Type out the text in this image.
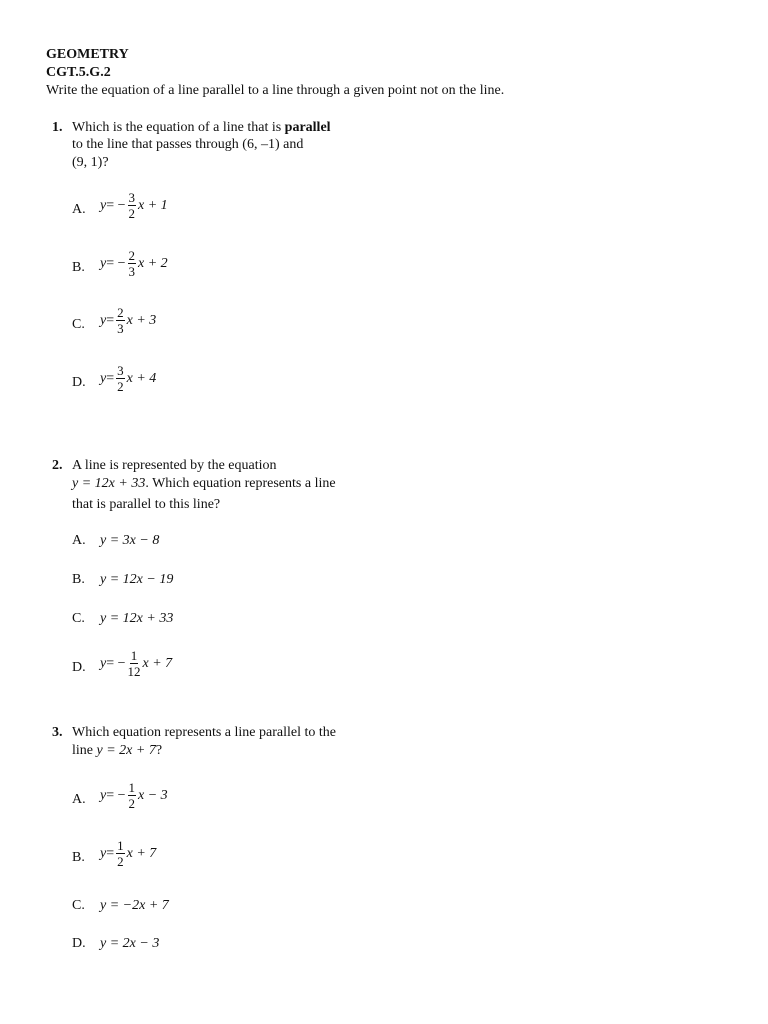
GEOMETRY
CGT.5.G.2
Write the equation of a line parallel to a line through a given point not on the line.
1. Which is the equation of a line that is parallel
to the line that passes through (6, –1) and
(9, 1)?
A. y = − $\frac{3}{2}$ x + 1
B. y = − $\frac{2}{3}$ x + 2
C. $y = \frac{2}{3}$ x + 3
D. $y = \frac{3}{2}$ x + 4
2. A line is represented by the equation
y = 12x + 33. Which equation represents a line
that is parallel to this line?
A. y = 3x − 8
B. y = 12x − 19
C. y = 12x + 33
D. y = − $\frac{1}{12}$ x + 7
3. Which equation represents a line parallel to the
line y = 2x + 7?
A. y = − $\frac{1}{2}$ x − 3
B. $y = \frac{1}{2}$ x + 7
C. y = −2x + 7
D. y = 2x − 3
